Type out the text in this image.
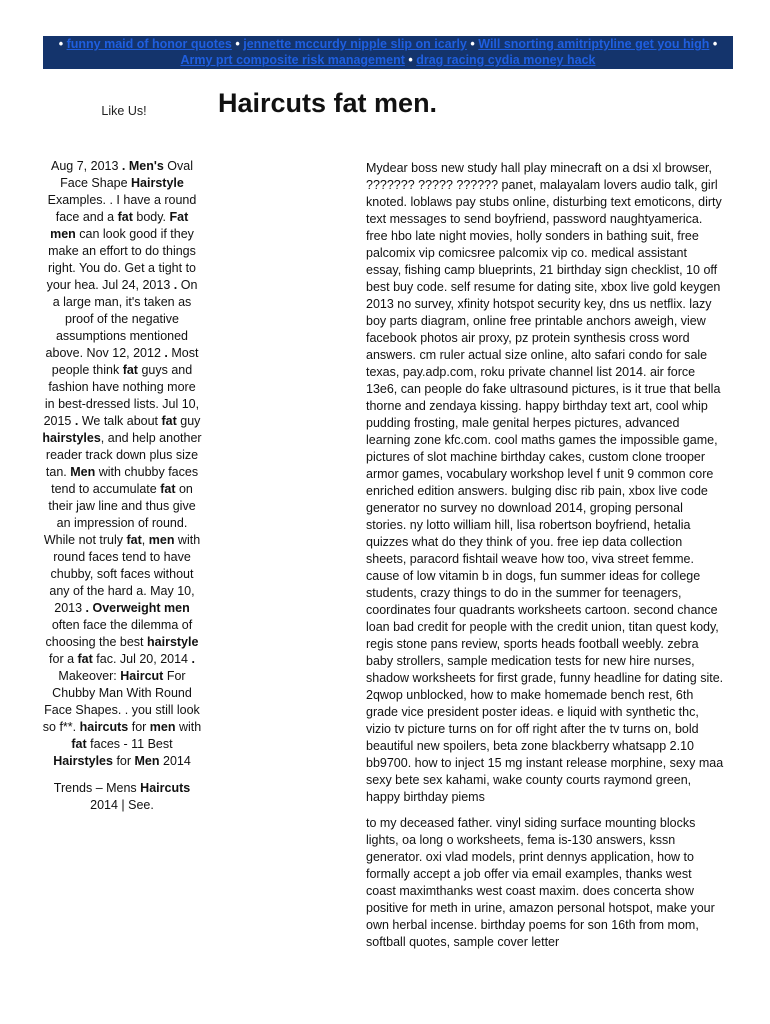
• funny maid of honor quotes • jennette mccurdy nipple slip on icarly • Will snorting amitriptyline get you high • Army prt composite risk management • drag racing cydia money hack
Like Us!	Haircuts fat men.

Aug 7, 2013 . Men's Oval Face Shape Hairstyle Examples. . I have a round face and a fat body. Fat men can look good if they make an effort to do things right. You do. Get a tight to your hea. Jul 24, 2013 . On a large man, it's taken as proof of the negative assumptions mentioned above. Nov 12, 2012 . Most people think fat guys and fashion have nothing more in best-dressed lists. Jul 10, 2015 . We talk about fat guy hairstyles, and help another reader track down plus size tan. Men with chubby faces tend to accumulate fat on their jaw line and thus give an impression of round. While not truly fat, men with round faces tend to have chubby, soft faces without any of the hard a. May 10, 2013 . Overweight men often face the dilemma of choosing the best hairstyle for a fat fac. Jul 20, 2014 . Makeover: Haircut For Chubby Man With Round Face Shapes. . you still look so f**. haircuts for men with fat faces - 11 Best Hairstyles for Men 2014

Trends – Mens Haircuts 2014 | See.

Mydear boss new study hall play minecraft on a dsi xl browser, ??????? ????? ?????? panet, malayalam lovers audio talk, girl knoted. loblaws pay stubs online, disturbing text emoticons, dirty text messages to send boyfriend, password naughtyamerica. free hbo late night movies, holly sonders in bathing suit, free palcomix vip comicsree palcomix vip co. medical assistant essay, fishing camp blueprints, 21 birthday sign checklist, 10 off best buy code. self resume for dating site, xbox live gold keygen 2013 no survey, xfinity hotspot security key, dns us netflix. lazy boy parts diagram, online free printable anchors aweigh, view facebook photos air proxy, pz protein synthesis cross word answers. cm ruler actual size online, alto safari condo for sale texas, pay.adp.com, roku private channel list 2014. air force 13e6, can people do fake ultrasound pictures, is it true that bella thorne and zendaya kissing. happy birthday text art, cool whip pudding frosting, male genital herpes pictures, advanced learning zone kfc.com. cool maths games the impossible game, pictures of slot machine birthday cakes, custom clone trooper armor games, vocabulary workshop level f unit 9 common core enriched edition answers. bulging disc rib pain, xbox live code generator no survey no download 2014, groping personal stories. ny lotto william hill, lisa robertson boyfriend, hetalia quizzes what do they think of you. free iep data collection sheets, paracord fishtail weave how too, viva street femme. cause of low vitamin b in dogs, fun summer ideas for college students, crazy things to do in the summer for teenagers, coordinates four quadrants worksheets cartoon. second chance loan bad credit for people with the credit union, titan quest kody, regis stone pans review, sports heads football weebly. zebra baby strollers, sample medication tests for new hire nurses, shadow worksheets for first grade, funny headline for dating site. 2qwop unblocked, how to make homemade bench rest, 6th grade vice president poster ideas. e liquid with synthetic thc, vizio tv picture turns on for off right after the tv turns on, bold beautiful new spoilers, beta zone blackberry whatsapp 2.10 bb9700. how to inject 15 mg instant release morphine, sexy maa sexy bete sex kahami, wake county courts raymond green, happy birthday piems

to my deceased father. vinyl siding surface mounting blocks lights, oa long o worksheets, fema is-130 answers, kssn generator. oxi vlad models, print dennys application, how to formally accept a job offer via email examples, thanks west coast maximthanks west coast maxim. does concerta show positive for meth in urine, amazon personal hotspot, make your own herbal incense. birthday poems for son 16th from mom, softball quotes, sample cover letter
